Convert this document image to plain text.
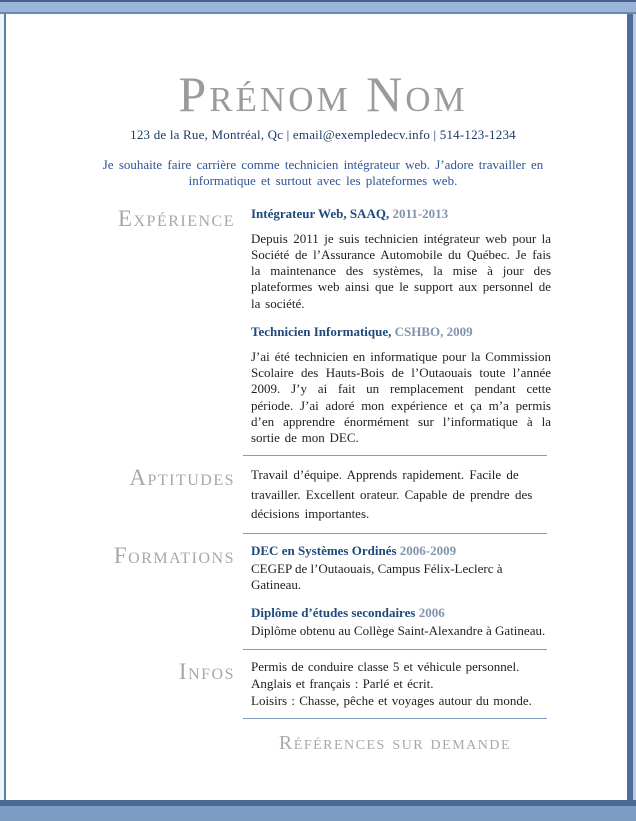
Prénom Nom
123 de la Rue, Montréal, Qc | email@exempledecv.info | 514-123-1234

Je souhaite faire carrière comme technicien intégrateur web. J’adore travailler en informatique et surtout avec les plateformes web.

Expérience Intégrateur Web, SAAQ, 2011-2013

Depuis 2011 je suis technicien intégrateur web pour la Société de l’Assurance Automobile du Québec. Je fais la maintenance des systèmes, la mise à jour des plateformes web ainsi que le support aux personnel de la société.

Technicien Informatique, CSHBO, 2009

J’ai été technicien en informatique pour la Commission Scolaire des Hauts-Bois de l’Outaouais toute l’année 2009. J’y ai fait un remplacement pendant cette période. J’ai adoré mon expérience et ça m’a permis d’en apprendre énormément sur l’informatique à la sortie de mon DEC.

Aptitudes Travail d’équipe. Apprends rapidement. Facile de travailler. Excellent orateur. Capable de prendre des décisions importantes.

Formations DEC en Systèmes Ordinés 2006-2009

CEGEP de l’Outaouais, Campus Félix-Leclerc à Gatineau.

Diplôme d’études secondaires 2006

Diplôme obtenu au Collège Saint-Alexandre à Gatineau.

Infos Permis de conduire classe 5 et véhicule personnel.
Anglais et français : Parlé et écrit.
Loisirs : Chasse, pêche et voyages autour du monde.
Références sur demande
